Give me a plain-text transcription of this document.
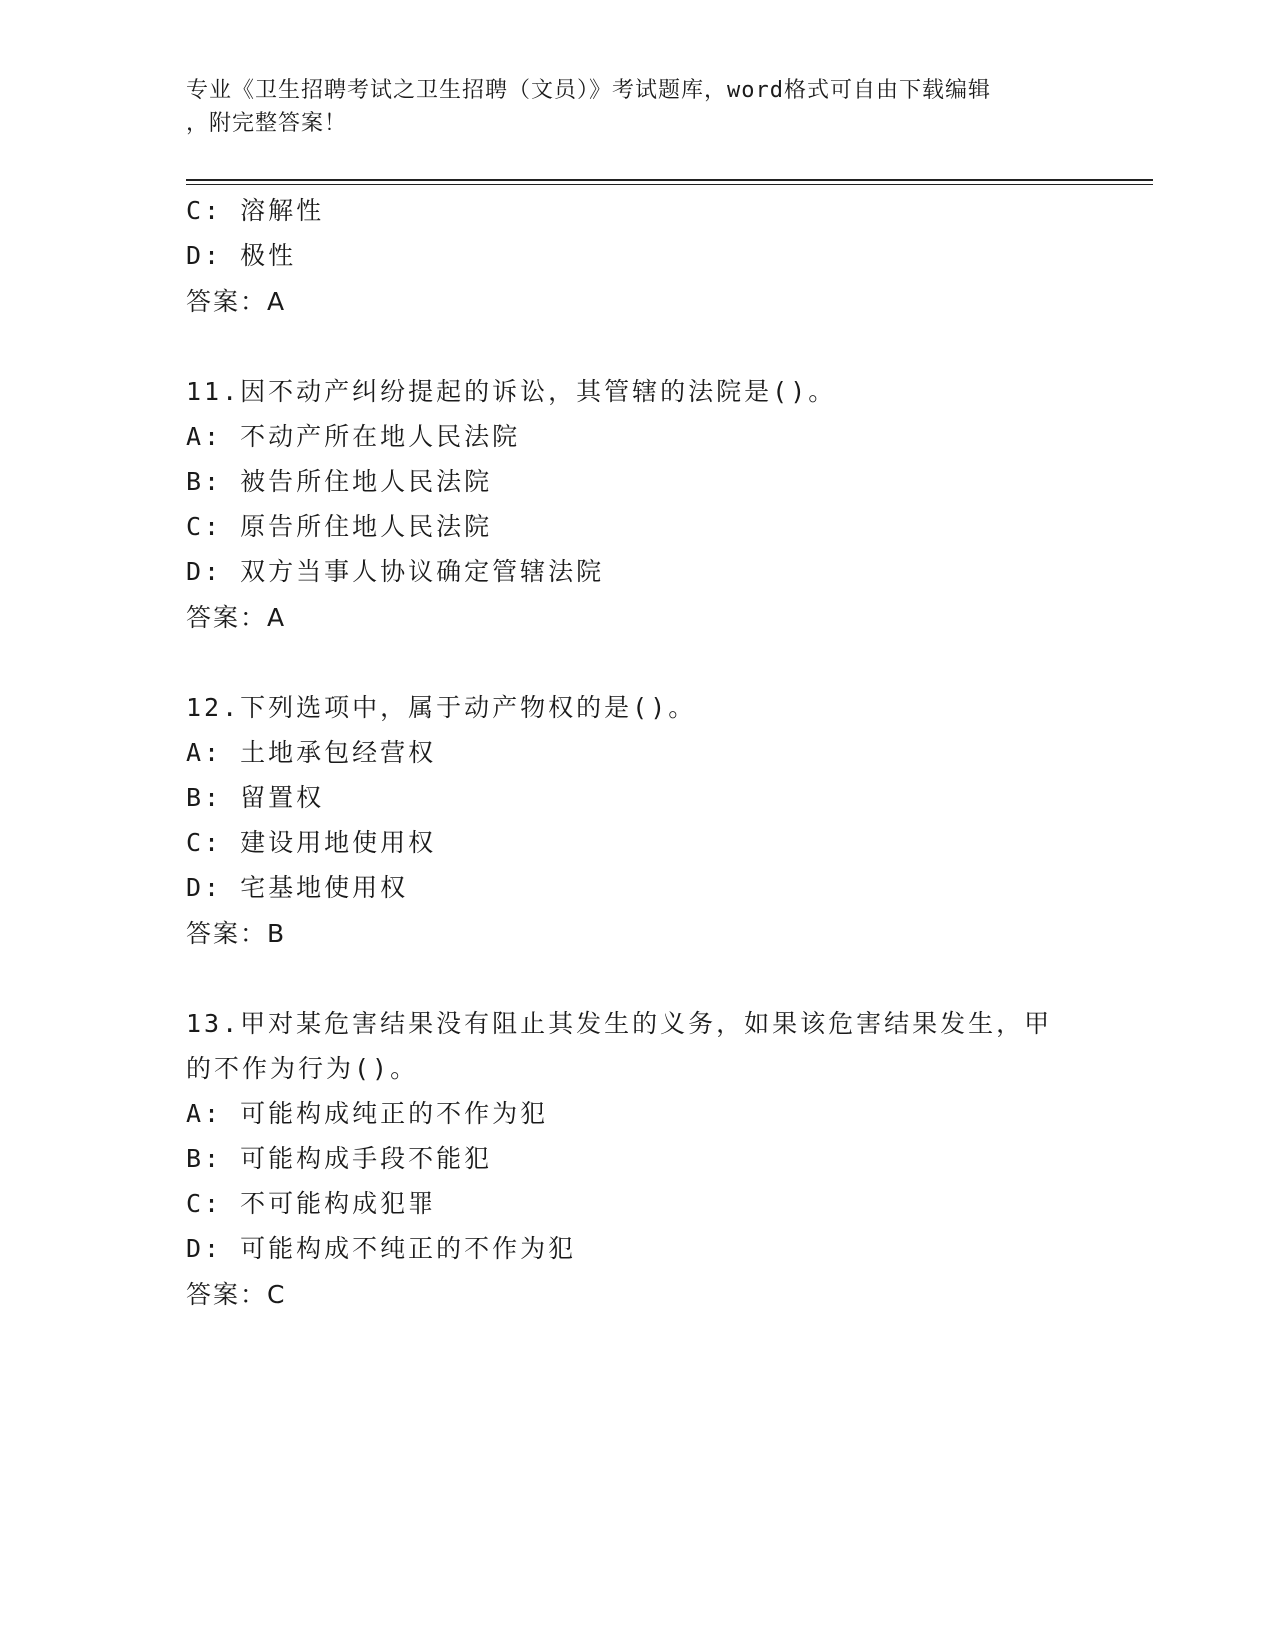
专业《卫生招聘考试之卫生招聘（文员）》考试题库，word格式可自由下载编辑
，附完整答案！
C: 溶解性
D: 极性
答案：A
11.因不动产纠纷提起的诉讼，其管辖的法院是()。
A: 不动产所在地人民法院
B: 被告所住地人民法院
C: 原告所住地人民法院
D: 双方当事人协议确定管辖法院
答案：A
12.下列选项中，属于动产物权的是()。
A: 土地承包经营权
B: 留置权
C: 建设用地使用权
D: 宅基地使用权
答案：B
13.甲对某危害结果没有阻止其发生的义务，如果该危害结果发生，甲
的不作为行为()。
A: 可能构成纯正的不作为犯
B: 可能构成手段不能犯
C: 不可能构成犯罪
D: 可能构成不纯正的不作为犯
答案：C
